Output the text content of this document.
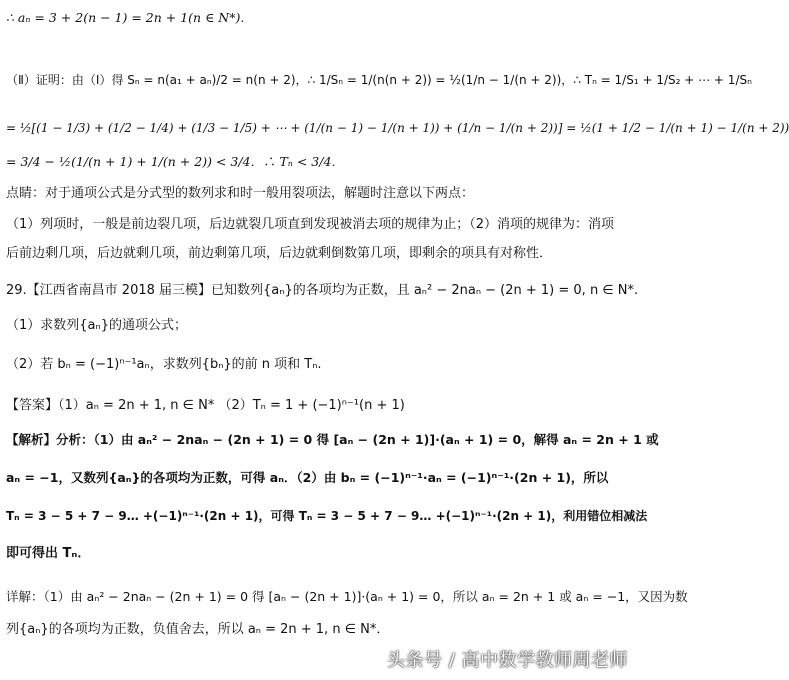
∴ aₙ = 3 + 2(n − 1) = 2n + 1(n ∈ N*).
（Ⅱ）证明：由（Ⅰ）得 Sₙ = n(a₁ + aₙ)/2 = n(n + 2)，∴ 1/Sₙ = 1/(n(n + 2)) = ½(1/n − 1/(n + 2))，∴ Tₙ = 1/S₁ + 1/S₂ + ⋯ + 1/Sₙ
= ½[(1 − 1/3) + (1/2 − 1/4) + (1/3 − 1/5) + ⋯ + (1/(n − 1) − 1/(n + 1)) + (1/n − 1/(n + 2))] = ½(1 + 1/2 − 1/(n + 1) − 1/(n + 2))
= 3/4 − ½(1/(n + 1) + 1/(n + 2)) < 3/4．∴ Tₙ < 3/4．
点睛：对于通项公式是分式型的数列求和时一般用裂项法，解题时注意以下两点：
（1）列项时，一般是前边裂几项，后边就裂几项直到发现被消去项的规律为止；（2）消项的规律为：消项
后前边剩几项，后边就剩几项，前边剩第几项，后边就剩倒数第几项，即剩余的项具有对称性．
29.【江西省南昌市 2018 届三模】已知数列{aₙ}的各项均为正数，且 aₙ² − 2naₙ − (2n + 1) = 0, n ∈ N*.
（1）求数列{aₙ}的通项公式；
（2）若 bₙ = (−1)ⁿ⁻¹aₙ，求数列{bₙ}的前 n 项和 Tₙ.
【答案】（1）aₙ = 2n + 1, n ∈ N* （2）Tₙ = 1 + (−1)ⁿ⁻¹(n + 1)
【解析】分析：（1）由 aₙ² − 2naₙ − (2n + 1) = 0 得 [aₙ − (2n + 1)]·(aₙ + 1) = 0，解得 aₙ = 2n + 1 或
aₙ = −1，又数列{aₙ}的各项均为正数，可得 aₙ．（2）由 bₙ = (−1)ⁿ⁻¹·aₙ = (−1)ⁿ⁻¹·(2n + 1)，所以
Tₙ = 3 − 5 + 7 − 9… +(−1)ⁿ⁻¹·(2n + 1)，可得 Tₙ = 3 − 5 + 7 − 9… +(−1)ⁿ⁻¹·(2n + 1)，利用错位相减法
即可得出 Tₙ．
详解：（1）由 aₙ² − 2naₙ − (2n + 1) = 0 得 [aₙ − (2n + 1)]·(aₙ + 1) = 0，所以 aₙ = 2n + 1 或 aₙ = −1，又因为数
列{aₙ}的各项均为正数，负值舍去，所以 aₙ = 2n + 1, n ∈ N*．
头条号 / 高中数学教师周老师
